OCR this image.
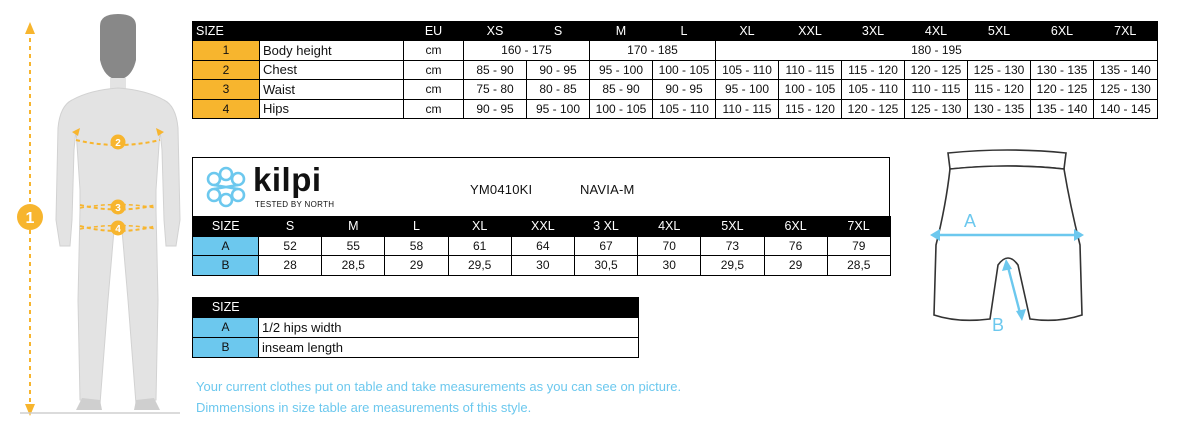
1
2
3
4
SIZE		EU	XS	S	M	L	XL	XXL	3XL	4XL	5XL	6XL	7XL
1	Body height	cm	160 - 175		170 - 185		180 - 195						
2	Chest	cm	85 - 90	90 - 95	95 - 100	100 - 105	105 - 110	110 - 115	115 - 120	120 - 125	125 - 130	130 - 135	135 - 140
3	Waist	cm	75 - 80	80 - 85	85 - 90	90 - 95	95 - 100	100 - 105	105 - 110	110 - 115	115 - 120	120 - 125	125 - 130
4	Hips	cm	90 - 95	95 - 100	100 - 105	105 - 110	110 - 115	115 - 120	120 - 125	125 - 130	130 - 135	135 - 140	140 - 145
kilpi
TESTED BY NORTH
YM0410KI	NAVIA-M
SIZE	S	M	L	XL	XXL	3 XL	4XL	5XL	6XL	7XL
A	52	55	58	61	64	67	70	73	76	79
B	28	28,5	29	29,5	30	30,5	30	29,5	29	28,5
SIZE	
A	1/2 hips width
B	inseam length
Your current clothes put on table and take measurements as you can see on picture.
Dimmensions in size table are measurements of this style.
A
B
